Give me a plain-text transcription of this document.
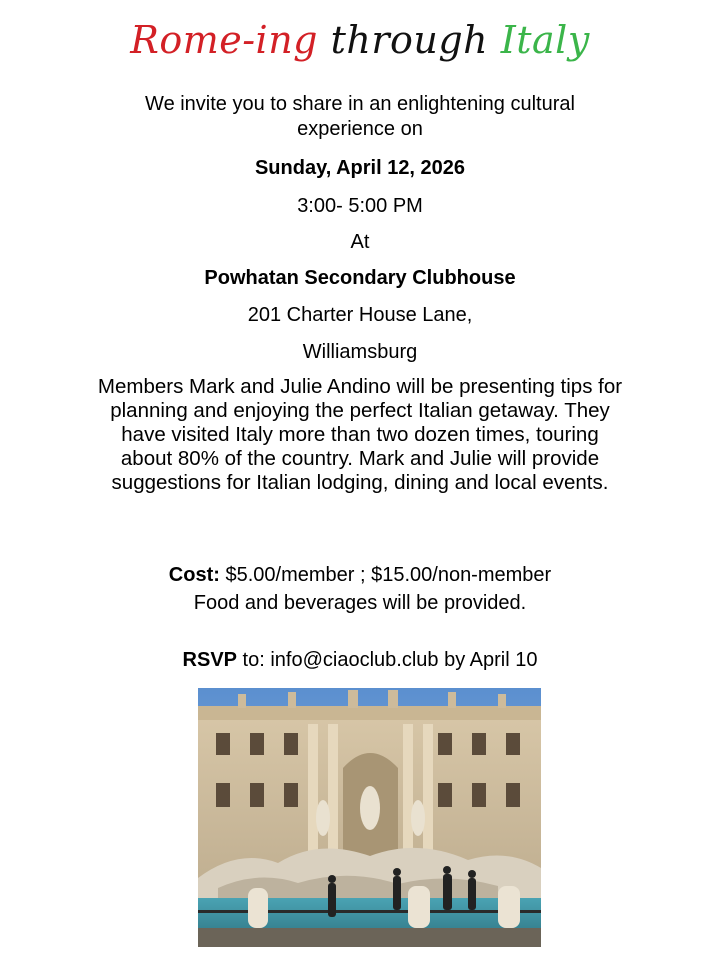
Rome-ing through Italy
We invite you to share in an enlightening cultural
experience on
Sunday, April 12, 2026
3:00- 5:00 PM
At
Powhatan Secondary Clubhouse
201 Charter House Lane,
Williamsburg
Members Mark and Julie Andino will be presenting tips for
planning and enjoying the perfect Italian getaway. They
have visited Italy more than two dozen times, touring
about 80% of the country. Mark and Julie will provide
suggestions for Italian lodging, dining and local events.
Cost: $5.00/member ; $15.00/non-member
Food and beverages will be provided.
RSVP to: info@ciaoclub.club by April 10
